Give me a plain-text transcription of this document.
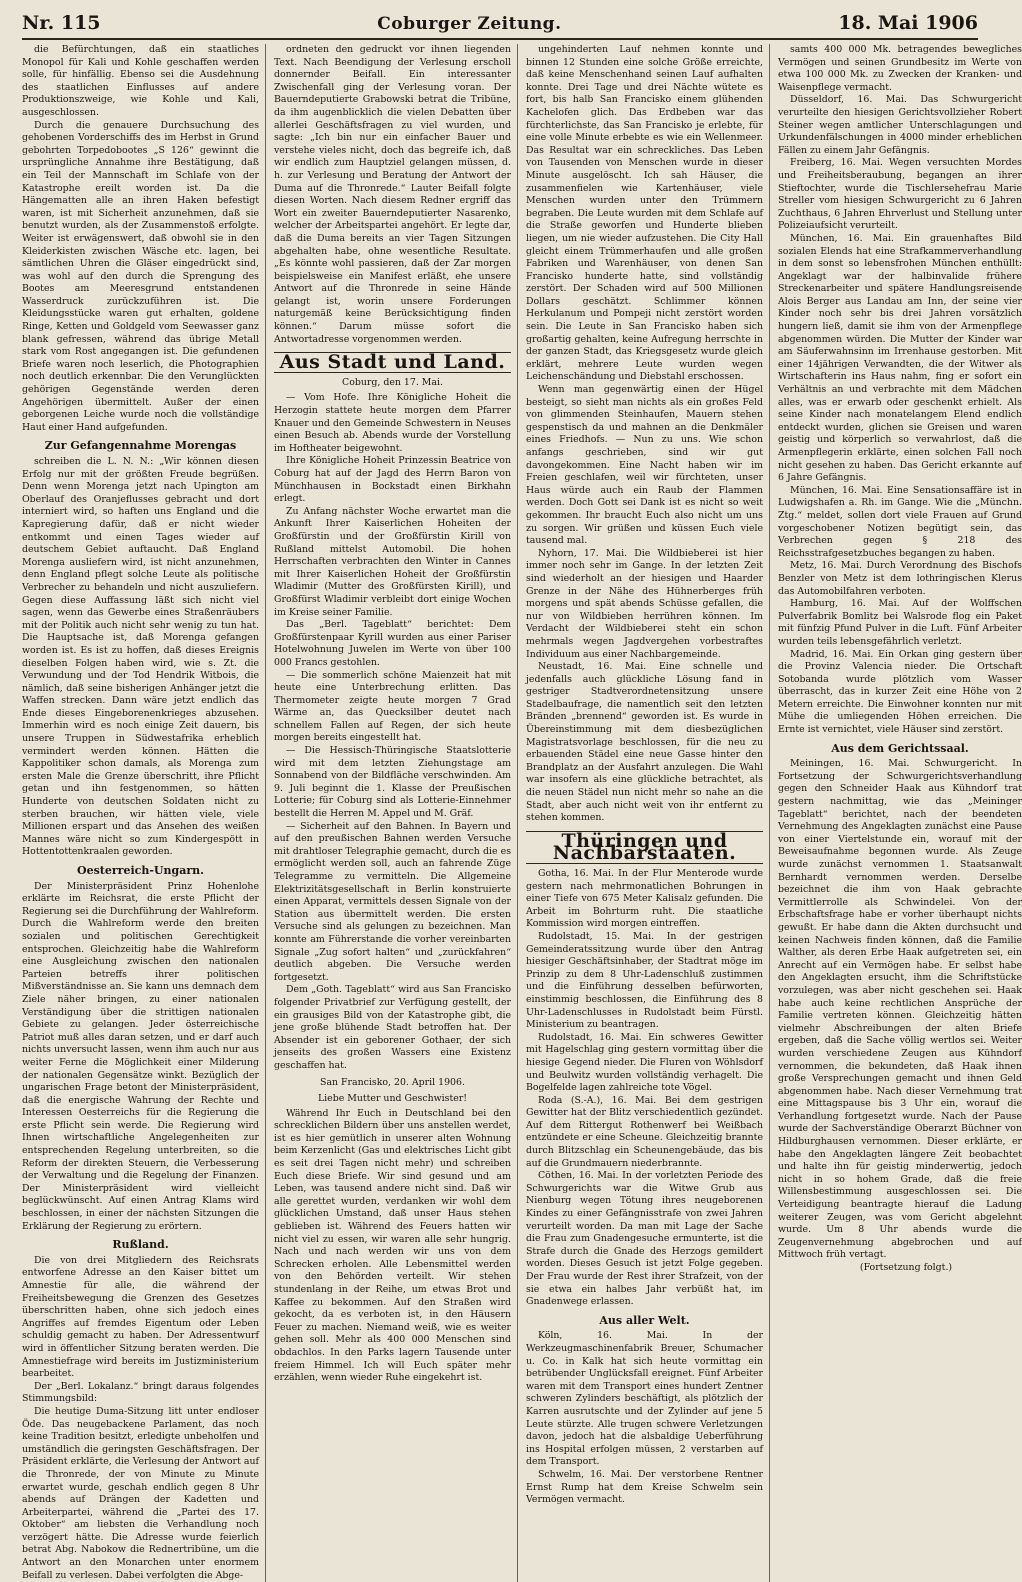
Nr. 115	Coburger Zeitung.	18. Mai 1906

die Befürchtungen, daß ein staatliches Monopol für Kali und Kohle geschaffen werden solle, für hinfällig. Ebenso sei die Ausdehnung des staatlichen Einflusses auf andere Produktionszweige, wie Kohle und Kali, ausgeschlossen.

Durch die genauere Durchsuchung des gehobenen Vorderschiffs des im Herbst in Grund gebohrten Torpedobootes „S 126“ gewinnt die ursprüngliche Annahme ihre Bestätigung, daß ein Teil der Mannschaft im Schlafe von der Katastrophe ereilt worden ist. Da die Hängematten alle an ihren Haken befestigt waren, ist mit Sicherheit anzunehmen, daß sie benutzt wurden, als der Zusammenstoß erfolgte. Weiter ist erwägenswert, daß obwohl sie in den Kleiderkisten zwischen Wäsche etc. lagen, bei sämtlichen Uhren die Gläser eingedrückt sind, was wohl auf den durch die Sprengung des Bootes am Meeresgrund entstandenen Wasserdruck zurückzuführen ist. Die Kleidungsstücke waren gut erhalten, goldene Ringe, Ketten und Goldgeld vom Seewasser ganz blank gefressen, während das übrige Metall stark vom Rost angegangen ist. Die gefundenen Briefe waren noch leserlich, die Photographien noch deutlich erkennbar. Die den Verunglückten gehörigen Gegenstände werden deren Angehörigen übermittelt. Außer der einen geborgenen Leiche wurde noch die vollständige Haut einer Hand aufgefunden.

Zur Gefangennahme Morengas

schreiben die L. N. N.: „Wir können diesen Erfolg nur mit der größten Freude begrüßen. Denn wenn Morenga jetzt nach Upington am Oberlauf des Oranjeflusses gebracht und dort interniert wird, so haften uns England und die Kapregierung dafür, daß er nicht wieder entkommt und einen Tages wieder auf deutschem Gebiet auftaucht. Daß England Morenga ausliefern wird, ist nicht anzunehmen, denn England pflegt solche Leute als politische Verbrecher zu behandeln und nicht auszuliefern. Gegen diese Auffassung läßt sich nicht viel sagen, wenn das Gewerbe eines Straßenräubers mit der Politik auch nicht sehr wenig zu tun hat. Die Hauptsache ist, daß Morenga gefangen worden ist. Es ist zu hoffen, daß dieses Ereignis dieselben Folgen haben wird, wie s. Zt. die Verwundung und der Tod Hendrik Witbois, die nämlich, daß seine bisherigen Anhänger jetzt die Waffen strecken. Dann wäre jetzt endlich das Ende dieses Eingeborenenkrieges abzusehen. Immerhin wird es noch einige Zeit dauern, bis unsere Truppen in Südwestafrika erheblich vermindert werden können. Hätten die Kappolitiker schon damals, als Morenga zum ersten Male die Grenze überschritt, ihre Pflicht getan und ihn festgenommen, so hätten Hunderte von deutschen Soldaten nicht zu sterben brauchen, wir hätten viele, viele Millionen erspart und das Ansehen des weißen Mannes wäre nicht so zum Kindergespött in Hottentottenkraalen geworden.

Oesterreich-Ungarn.

Der Ministerpräsident Prinz Hohenlohe erklärte im Reichsrat, die erste Pflicht der Regierung sei die Durchführung der Wahlreform. Durch die Wahlreform werde den breiten sozialen und politischen Gerechtigkeit entsprochen. Gleichzeitig habe die Wahlreform eine Ausgleichung zwischen den nationalen Parteien betreffs ihrer politischen Mißverständnisse an. Sie kann uns demnach dem Ziele näher bringen, zu einer nationalen Verständigung über die strittigen nationalen Gebiete zu gelangen. Jeder österreichische Patriot muß alles daran setzen, und er darf auch nichts unversucht lassen, wenn ihm auch nur aus weiter Ferne die Möglichkeit einer Milderung der nationalen Gegensätze winkt. Bezüglich der ungarischen Frage betont der Ministerpräsident, daß die energische Wahrung der Rechte und Interessen Oesterreichs für die Regierung die erste Pflicht sein werde. Die Regierung wird Ihnen wirtschaftliche Angelegenheiten zur entsprechenden Regelung unterbreiten, so die Reform der direkten Steuern, die Verbesserung der Verwaltung und die Regelung der Finanzen. Der Ministerpräsident wird vielleicht beglückwünscht. Auf einen Antrag Klams wird beschlossen, in einer der nächsten Sitzungen die Erklärung der Regierung zu erörtern.

Rußland.

Die von drei Mitgliedern des Reichsrats entworfene Adresse an den Kaiser bittet um Amnestie für alle, die während der Freiheitsbewegung die Grenzen des Gesetzes überschritten haben, ohne sich jedoch eines Angriffes auf fremdes Eigentum oder Leben schuldig gemacht zu haben. Der Adressentwurf wird in öffentlicher Sitzung beraten werden. Die Amnestiefrage wird bereits im Justizministerium bearbeitet.

Der „Berl. Lokalanz.“ bringt daraus folgendes Stimmungsbild:

Die heutige Duma-Sitzung litt unter endloser Öde. Das neugebackene Parlament, das noch keine Tradition besitzt, erledigte unbeholfen und umständlich die geringsten Geschäftsfragen. Der Präsident erklärte, die Verlesung der Antwort auf die Thronrede, der von Minute zu Minute erwartet wurde, geschah endlich gegen 8 Uhr abends auf Drängen der Kadetten und Arbeiterpartei, während die „Partei des 17. Oktober“ am liebsten die Verhandlung noch verzögert hätte. Die Adresse wurde feierlich betrat Abg. Nabokow die Rednertribüne, um die Antwort an den Monarchen unter enormem Beifall zu verlesen. Dabei verfolgten die Abge-

ordneten den gedruckt vor ihnen liegenden Text. Nach Beendigung der Verlesung erscholl donnernder Beifall. Ein interessanter Zwischenfall ging der Verlesung voran. Der Bauerndeputierte Grabowski betrat die Tribüne, da ihm augenblicklich die vielen Debatten über allerlei Geschäftsfragen zu viel wurden, und sagte: „Ich bin nur ein einfacher Bauer und verstehe vieles nicht, doch das begreife ich, daß wir endlich zum Hauptziel gelangen müssen, d. h. zur Verlesung und Beratung der Antwort der Duma auf die Thronrede.“ Lauter Beifall folgte diesen Worten. Nach diesem Redner ergriff das Wort ein zweiter Bauerndeputierter Nasarenko, welcher der Arbeitspartei angehört. Er legte dar, daß die Duma bereits an vier Tagen Sitzungen abgehalten habe, ohne wesentliche Resultate. „Es könnte wohl passieren, daß der Zar morgen beispielsweise ein Manifest erläßt, ehe unsere Antwort auf die Thronrede in seine Hände gelangt ist, worin unsere Forderungen naturgemäß keine Berücksichtigung finden können.“ Darum müsse sofort die Antwortadresse vorgenommen werden.

Aus Stadt und Land.

Coburg, den 17. Mai.

— Vom Hofe. Ihre Königliche Hoheit die Herzogin stattete heute morgen dem Pfarrer Knauer und den Gemeinde Schwestern in Neuses einen Besuch ab. Abends wurde der Vorstellung im Hoftheater beigewohnt.

Ihre Königliche Hoheit Prinzessin Beatrice von Coburg hat auf der Jagd des Herrn Baron von Münchhausen in Bockstadt einen Birkhahn erlegt.

Zu Anfang nächster Woche erwartet man die Ankunft Ihrer Kaiserlichen Hoheiten der Großfürstin und der Großfürstin Kirill von Rußland mittelst Automobil. Die hohen Herrschaften verbrachten den Winter in Cannes mit Ihrer Kaiserlichen Hoheit der Großfürstin Wladimir (Mutter des Großfürsten Kirill), und Großfürst Wladimir verbleibt dort einige Wochen im Kreise seiner Familie.

Das „Berl. Tageblatt“ berichtet: Dem Großfürstenpaar Kyrill wurden aus einer Pariser Hotelwohnung Juwelen im Werte von über 100 000 Francs gestohlen.

— Die sommerlich schöne Maienzeit hat mit heute eine Unterbrechung erlitten. Das Thermometer zeigte heute morgen 7 Grad Wärme an, das Quecksilber deutet nach schnellem Fallen auf Regen, der sich heute morgen bereits eingestellt hat.

— Die Hessisch-Thüringische Staatslotterie wird mit dem letzten Ziehungstage am Sonnabend von der Bildfläche verschwinden. Am 9. Juli beginnt die 1. Klasse der Preußischen Lotterie; für Coburg sind als Lotterie-Einnehmer bestellt die Herren M. Appel und M. Gräf.

— Sicherheit auf den Bahnen. In Bayern und auf den preußischen Bahnen werden Versuche mit drahtloser Telegraphie gemacht, durch die es ermöglicht werden soll, auch an fahrende Züge Telegramme zu vermitteln. Die Allgemeine Elektrizitätsgesellschaft in Berlin konstruierte einen Apparat, vermittels dessen Signale von der Station aus übermittelt werden. Die ersten Versuche sind als gelungen zu bezeichnen. Man konnte am Führerstande die vorher vereinbarten Signale „Zug sofort halten“ und „zurückfahren“ deutlich abgeben. Die Versuche werden fortgesetzt.

Dem „Goth. Tageblatt“ wird aus San Francisko folgender Privatbrief zur Verfügung gestellt, der ein grausiges Bild von der Katastrophe gibt, die jene große blühende Stadt betroffen hat. Der Absender ist ein geborener Gothaer, der sich jenseits des großen Wassers eine Existenz geschaffen hat.

San Francisko, 20. April 1906.

Liebe Mutter und Geschwister!

Während Ihr Euch in Deutschland bei den schrecklichen Bildern über uns anstellen werdet, ist es hier gemütlich in unserer alten Wohnung beim Kerzenlicht (Gas und elektrisches Licht gibt es seit drei Tagen nicht mehr) und schreiben Euch diese Briefe. Wir sind gesund und am Leben, was tausend andere nicht sind. Daß wir alle gerettet wurden, verdanken wir wohl dem glücklichen Umstand, daß unser Haus stehen geblieben ist. Während des Feuers hatten wir nicht viel zu essen, wir waren alle sehr hungrig. Nach und nach werden wir uns von dem Schrecken erholen. Alle Lebensmittel werden von den Behörden verteilt. Wir stehen stundenlang in der Reihe, um etwas Brot und Kaffee zu bekommen. Auf den Straßen wird gekocht, da es verboten ist, in den Häusern Feuer zu machen. Niemand weiß, wie es weiter gehen soll. Mehr als 400 000 Menschen sind obdachlos. In den Parks lagern Tausende unter freiem Himmel. Ich will Euch später mehr erzählen, wenn wieder Ruhe eingekehrt ist.

ungehinderten Lauf nehmen konnte und binnen 12 Stunden eine solche Größe erreichte, daß keine Menschenhand seinen Lauf aufhalten konnte. Drei Tage und drei Nächte wütete es fort, bis halb San Francisko einem glühenden Kachelofen glich. Das Erdbeben war das fürchterlichste, das San Francisko je erlebte, für eine volle Minute erbebte es wie ein Wellenmeer. Das Resultat war ein schreckliches. Das Leben von Tausenden von Menschen wurde in dieser Minute ausgelöscht. Ich sah Häuser, die zusammenfielen wie Kartenhäuser, viele Menschen wurden unter den Trümmern begraben. Die Leute wurden mit dem Schlafe auf die Straße geworfen und Hunderte blieben liegen, um nie wieder aufzustehen. Die City Hall gleicht einem Trümmerhaufen und alle großen Fabriken und Warenhäuser, von denen San Francisko hunderte hatte, sind vollständig zerstört. Der Schaden wird auf 500 Millionen Dollars geschätzt. Schlimmer können Herkulanum und Pompeji nicht zerstört worden sein. Die Leute in San Francisko haben sich großartig gehalten, keine Aufregung herrschte in der ganzen Stadt, das Kriegsgesetz wurde gleich erklärt, mehrere Leute wurden wegen Leichenschändung und Diebstahl erschossen.

Wenn man gegenwärtig einen der Hügel besteigt, so sieht man nichts als ein großes Feld von glimmenden Steinhaufen, Mauern stehen gespenstisch da und mahnen an die Denkmäler eines Friedhofs. — Nun zu uns. Wie schon anfangs geschrieben, sind wir gut davongekommen. Eine Nacht haben wir im Freien geschlafen, weil wir fürchteten, unser Haus würde auch ein Raub der Flammen werden. Doch Gott sei Dank ist es nicht so weit gekommen. Ihr braucht Euch also nicht um uns zu sorgen. Wir grüßen und küssen Euch viele tausend mal.

Nyhorn, 17. Mai. Die Wildbieberei ist hier immer noch sehr im Gange. In der letzten Zeit sind wiederholt an der hiesigen und Haarder Grenze in der Nähe des Hühnerberges früh morgens und spät abends Schüsse gefallen, die nur von Wildbieben herrühren können. Im Verdacht der Wildbieberei steht ein schon mehrmals wegen Jagdvergehen vorbestraftes Individuum aus einer Nachbargemeinde.

Neustadt, 16. Mai. Eine schnelle und jedenfalls auch glückliche Lösung fand in gestriger Stadtverordnetensitzung unsere Stadelbaufrage, die namentlich seit den letzten Bränden „brennend“ geworden ist. Es wurde in Übereinstimmung mit dem diesbezüglichen Magistratsvorlage beschlossen, für die neu zu erbauenden Städel eine neue Gasse hinter den Brandplatz an der Ausfahrt anzulegen. Die Wahl war insofern als eine glückliche betrachtet, als die neuen Städel nun nicht mehr so nahe an die Stadt, aber auch nicht weit von ihr entfernt zu stehen kommen.

Thüringen und Nachbarstaaten.

Gotha, 16. Mai. In der Flur Menterode wurde gestern nach mehrmonatlichen Bohrungen in einer Tiefe von 675 Meter Kalisalz gefunden. Die Arbeit im Bohrturm ruht. Die staatliche Kommission wird morgen eintreffen.

Rudolstadt, 15. Mai. In der gestrigen Gemeinderatssitzung wurde über den Antrag hiesiger Geschäftsinhaber, der Stadtrat möge im Prinzip zu dem 8 Uhr-Ladenschluß zustimmen und die Einführung desselben befürworten, einstimmig beschlossen, die Einführung des 8 Uhr-Ladenschlusses in Rudolstadt beim Fürstl. Ministerium zu beantragen.

Rudolstadt, 16. Mai. Ein schweres Gewitter mit Hagelschlag ging gestern vormittag über die hiesige Gegend nieder. Die Fluren von Wöhlsdorf und Beulwitz wurden vollständig verhagelt. Die Bogelfelde lagen zahlreiche tote Vögel.

Roda (S.-A.), 16. Mai. Bei dem gestrigen Gewitter hat der Blitz verschiedentlich gezündet. Auf dem Rittergut Rothenwerf bei Weißbach entzündete er eine Scheune. Gleichzeitig brannte durch Blitzschlag ein Scheunengebäude, das bis auf die Grundmauern niederbrannte.

Cöthen, 16. Mai. In der vorletzten Periode des Schwurgerichts war die Witwe Grub aus Nienburg wegen Tötung ihres neugeborenen Kindes zu einer Gefängnisstrafe von zwei Jahren verurteilt worden. Da man mit Lage der Sache die Frau zum Gnadengesuche ermunterte, ist die Strafe durch die Gnade des Herzogs gemildert worden. Dieses Gesuch ist jetzt Folge gegeben. Der Frau wurde der Rest ihrer Strafzeit, von der sie etwa ein halbes Jahr verbüßt hat, im Gnadenwege erlassen.

Aus aller Welt.

Köln, 16. Mai. In der Werkzeugmaschinenfabrik Breuer, Schumacher u. Co. in Kalk hat sich heute vormittag ein betrübender Unglücksfall ereignet. Fünf Arbeiter waren mit dem Transport eines hundert Zentner schweren Zylinders beschäftigt, als plötzlich der Karren ausrutschte und der Zylinder auf jene 5 Leute stürzte. Alle trugen schwere Verletzungen davon, jedoch hat die alsbaldige Ueberführung ins Hospital erfolgen müssen, 2 verstarben auf dem Transport.

Schwelm, 16. Mai. Der verstorbene Rentner Ernst Rump hat dem Kreise Schwelm sein Vermögen vermacht.

samts 400 000 Mk. betragendes bewegliches Vermögen und seinen Grundbesitz im Werte von etwa 100 000 Mk. zu Zwecken der Kranken- und Waisenpflege vermacht.

Düsseldorf, 16. Mai. Das Schwurgericht verurteilte den hiesigen Gerichtsvollzieher Robert Steiner wegen amtlicher Unterschlagungen und Urkundenfälschungen in 4000 minder erheblichen Fällen zu einem Jahr Gefängnis.

Freiberg, 16. Mai. Wegen versuchten Mordes und Freiheitsberaubung, begangen an ihrer Stieftochter, wurde die Tischlersehefrau Marie Streller vom hiesigen Schwurgericht zu 6 Jahren Zuchthaus, 6 Jahren Ehrverlust und Stellung unter Polizeiaufsicht verurteilt.

München, 16. Mai. Ein grauenhaftes Bild sozialen Elends hat eine Strafkammerverhandlung in dem sonst so lebensfrohen München enthüllt: Angeklagt war der halbinvalide frühere Streckenarbeiter und spätere Handlungsreisende Alois Berger aus Landau am Inn, der seine vier Kinder noch sehr bis drei Jahren vorsätzlich hungern ließ, damit sie ihm von der Armenpflege abgenommen würden. Die Mutter der Kinder war am Säuferwahnsinn im Irrenhause gestorben. Mit einer 14jährigen Verwandten, die der Witwer als Wirtschafterin ins Haus nahm, fing er sofort ein Verhältnis an und verbrachte mit dem Mädchen alles, was er erwarb oder geschenkt erhielt. Als seine Kinder nach monatelangem Elend endlich entdeckt wurden, glichen sie Greisen und waren geistig und körperlich so verwahrlost, daß die Armenpflegerin erklärte, einen solchen Fall noch nicht gesehen zu haben. Das Gericht erkannte auf 6 Jahre Gefängnis.

München, 16. Mai. Eine Sensationsaffäre ist in Ludwigshafen a. Rh. im Gange. Wie die „Münchn. Ztg.“ meldet, sollen dort viele Frauen auf Grund vorgeschobener Notizen begütigt sein, das Verbrechen gegen § 218 des Reichsstrafgesetzbuches begangen zu haben.

Metz, 16. Mai. Durch Verordnung des Bischofs Benzler von Metz ist dem lothringischen Klerus das Automobilfahren verboten.

Hamburg, 16. Mai. Auf der Wolffschen Pulverfabrik Bomlitz bei Walsrode flog ein Paket mit fünfzig Pfund Pulver in die Luft. Fünf Arbeiter wurden teils lebensgefährlich verletzt.

Madrid, 16. Mai. Ein Orkan ging gestern über die Provinz Valencia nieder. Die Ortschaft Sotobanda wurde plötzlich vom Wasser überrascht, das in kurzer Zeit eine Höhe von 2 Metern erreichte. Die Einwohner konnten nur mit Mühe die umliegenden Höhen erreichen. Die Ernte ist vernichtet, viele Häuser sind zerstört.

Aus dem Gerichtssaal.

Meiningen, 16. Mai. Schwurgericht. In Fortsetzung der Schwurgerichtsverhandlung gegen den Schneider Haak aus Kühndorf trat gestern nachmittag, wie das „Meininger Tageblatt“ berichtet, nach der beendeten Vernehmung des Angeklagten zunächst eine Pause von einer Viertelstunde ein, worauf mit der Beweisaufnahme begonnen wurde. Als Zeuge wurde zunächst vernommen 1. Staatsanwalt Bernhardt vernommen werden. Derselbe bezeichnet die ihm von Haak gebrachte Vermittlerrolle als Schwindelei. Von der Erbschaftsfrage habe er vorher überhaupt nichts gewußt. Er habe dann die Akten durchsucht und keinen Nachweis finden können, daß die Familie Walther, als deren Erbe Haak aufgetreten sei, ein Anrecht auf ein Vermögen habe. Er selbst habe den Angeklagten ersucht, ihm die Schriftstücke vorzulegen, was aber nicht geschehen sei. Haak habe auch keine rechtlichen Ansprüche der Familie vertreten können. Gleichzeitig hätten vielmehr Abschreibungen der alten Briefe ergeben, daß die Sache völlig wertlos sei. Weiter wurden verschiedene Zeugen aus Kühndorf vernommen, die bekundeten, daß Haak ihnen große Versprechungen gemacht und ihnen Geld abgenommen habe. Nach dieser Vernehmung trat eine Mittagspause bis 3 Uhr ein, worauf die Verhandlung fortgesetzt wurde. Nach der Pause wurde der Sachverständige Oberarzt Büchner von Hildburghausen vernommen. Dieser erklärte, er habe den Angeklagten längere Zeit beobachtet und halte ihn für geistig minderwertig, jedoch nicht in so hohem Grade, daß die freie Willensbestimmung ausgeschlossen sei. Die Verteidigung beantragte hierauf die Ladung weiterer Zeugen, was vom Gericht abgelehnt wurde. Um 8 Uhr abends wurde die Zeugenvernehmung abgebrochen und auf Mittwoch früh vertagt.

(Fortsetzung folgt.)
